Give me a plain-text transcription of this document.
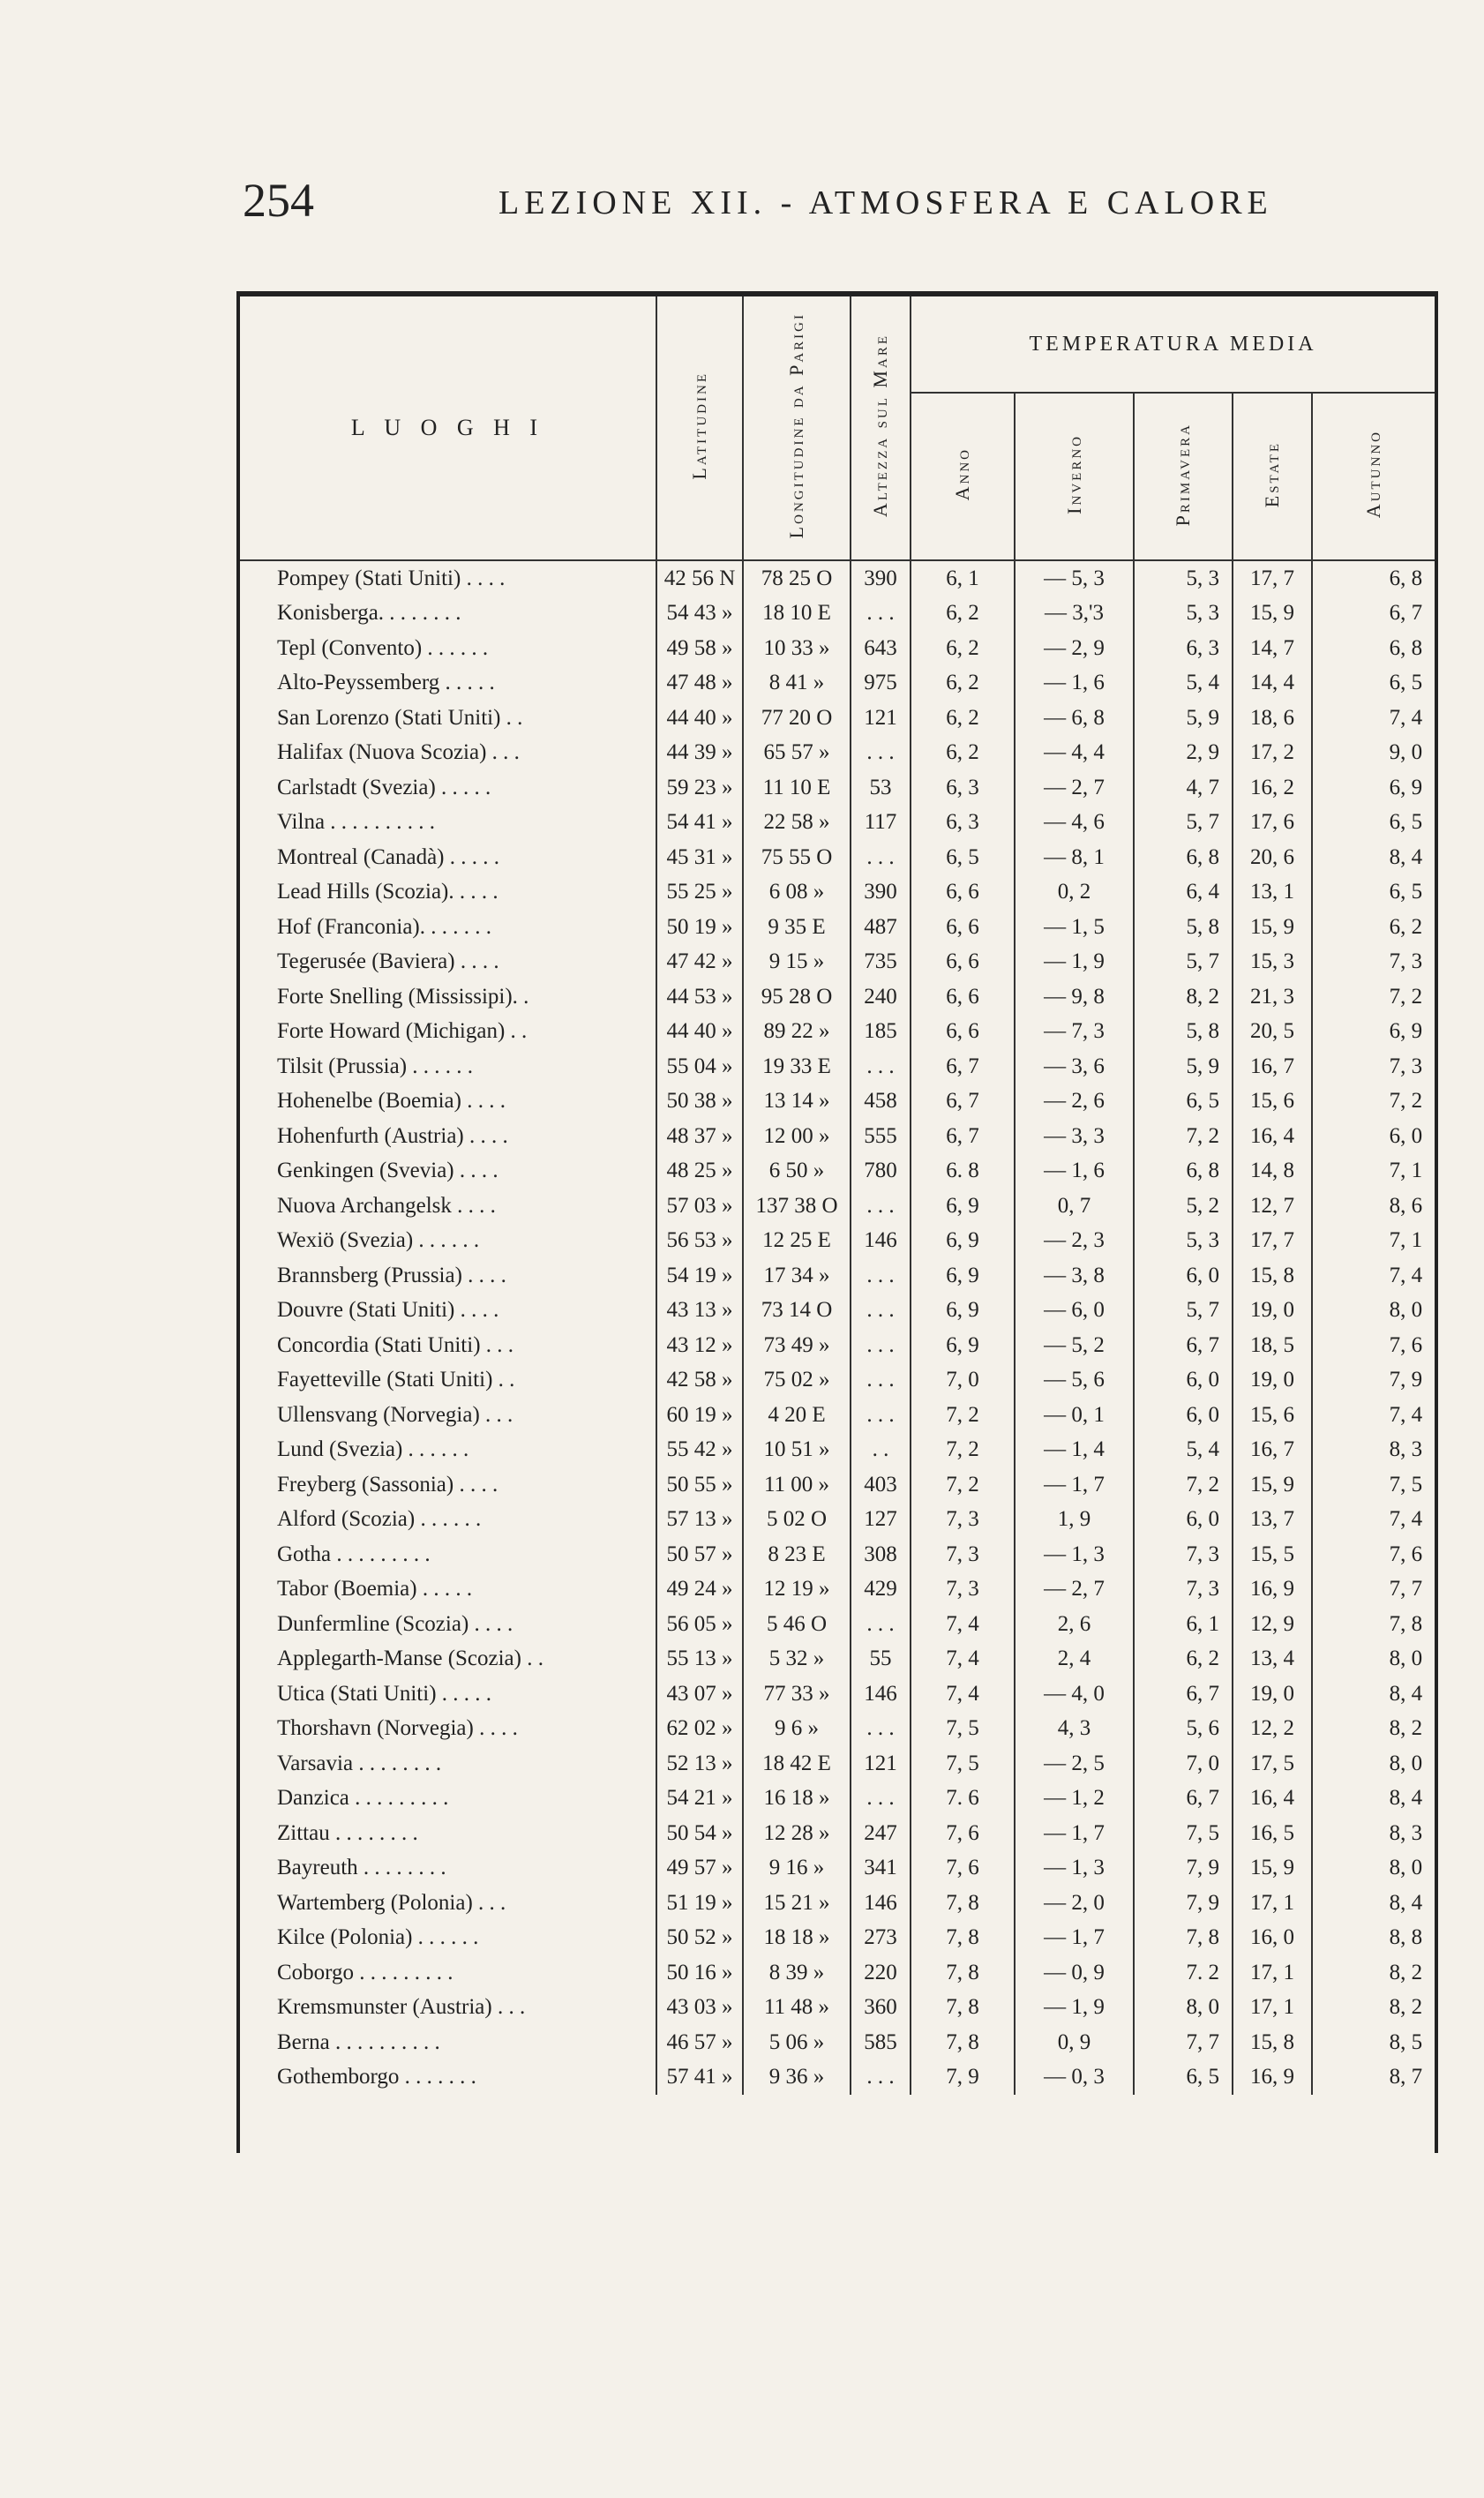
254	LEZIONE XII. - ATMOSFERA E CALORE
L U O G H I	Latitudine	Longitudine da Parigi	Altezza sul Mare	TEMPERATURA MEDIA				
				Anno	Inverno	Primavera	Estate	Autunno
Pompey (Stati Uniti) . . . .	42 56 N	78 25 O	390	6, 1	— 5, 3	5, 3	17, 7	6, 8
Konisberga. . . . . . . .	54 43 »	18 10 E	. . .	6, 2	— 3,'3	5, 3	15, 9	6, 7
Tepl (Convento) . . . . . .	49 58 »	10 33 »	643	6, 2	— 2, 9	6, 3	14, 7	6, 8
Alto-Peyssemberg . . . . .	47 48 »	8 41 »	975	6, 2	— 1, 6	5, 4	14, 4	6, 5
San Lorenzo (Stati Uniti) . .	44 40 »	77 20 O	121	6, 2	— 6, 8	5, 9	18, 6	7, 4
Halifax (Nuova Scozia) . . .	44 39 »	65 57 »	. . .	6, 2	— 4, 4	2, 9	17, 2	9, 0
Carlstadt (Svezia) . . . . .	59 23 »	11 10 E	53	6, 3	— 2, 7	4, 7	16, 2	6, 9
Vilna . . . . . . . . . .	54 41 »	22 58 »	117	6, 3	— 4, 6	5, 7	17, 6	6, 5
Montreal (Canadà) . . . . .	45 31 »	75 55 O	. . .	6, 5	— 8, 1	6, 8	20, 6	8, 4
Lead Hills (Scozia). . . . .	55 25 »	6 08 »	390	6, 6	0, 2	6, 4	13, 1	6, 5
Hof (Franconia). . . . . . .	50 19 »	9 35 E	487	6, 6	— 1, 5	5, 8	15, 9	6, 2
Tegerusée (Baviera) . . . .	47 42 »	9 15 »	735	6, 6	— 1, 9	5, 7	15, 3	7, 3
Forte Snelling (Mississipi). .	44 53 »	95 28 O	240	6, 6	— 9, 8	8, 2	21, 3	7, 2
Forte Howard (Michigan) . .	44 40 »	89 22 »	185	6, 6	— 7, 3	5, 8	20, 5	6, 9
Tilsit (Prussia) . . . . . .	55 04 »	19 33 E	. . .	6, 7	— 3, 6	5, 9	16, 7	7, 3
Hohenelbe (Boemia) . . . .	50 38 »	13 14 »	458	6, 7	— 2, 6	6, 5	15, 6	7, 2
Hohenfurth (Austria) . . . .	48 37 »	12 00 »	555	6, 7	— 3, 3	7, 2	16, 4	6, 0
Genkingen (Svevia) . . . .	48 25 »	6 50 »	780	6. 8	— 1, 6	6, 8	14, 8	7, 1
Nuova Archangelsk . . . .	57 03 »	137 38 O	. . .	6, 9	0, 7	5, 2	12, 7	8, 6
Wexiö (Svezia) . . . . . .	56 53 »	12 25 E	146	6, 9	— 2, 3	5, 3	17, 7	7, 1
Brannsberg (Prussia) . . . .	54 19 »	17 34 »	. . .	6, 9	— 3, 8	6, 0	15, 8	7, 4
Douvre (Stati Uniti) . . . .	43 13 »	73 14 O	. . .	6, 9	— 6, 0	5, 7	19, 0	8, 0
Concordia (Stati Uniti) . . .	43 12 »	73 49 »	. . .	6, 9	— 5, 2	6, 7	18, 5	7, 6
Fayetteville (Stati Uniti) . .	42 58 »	75 02 »	. . .	7, 0	— 5, 6	6, 0	19, 0	7, 9
Ullensvang (Norvegia) . . .	60 19 »	4 20 E	. . .	7, 2	— 0, 1	6, 0	15, 6	7, 4
Lund (Svezia) . . . . . .	55 42 »	10 51 »	. .	7, 2	— 1, 4	5, 4	16, 7	8, 3
Freyberg (Sassonia) . . . .	50 55 »	11 00 »	403	7, 2	— 1, 7	7, 2	15, 9	7, 5
Alford (Scozia) . . . . . .	57 13 »	5 02 O	127	7, 3	1, 9	6, 0	13, 7	7, 4
Gotha . . . . . . . . .	50 57 »	8 23 E	308	7, 3	— 1, 3	7, 3	15, 5	7, 6
Tabor (Boemia) . . . . .	49 24 »	12 19 »	429	7, 3	— 2, 7	7, 3	16, 9	7, 7
Dunfermline (Scozia) . . . .	56 05 »	5 46 O	. . .	7, 4	2, 6	6, 1	12, 9	7, 8
Applegarth-Manse (Scozia) . .	55 13 »	5 32 »	55	7, 4	2, 4	6, 2	13, 4	8, 0
Utica (Stati Uniti) . . . . .	43 07 »	77 33 »	146	7, 4	— 4, 0	6, 7	19, 0	8, 4
Thorshavn (Norvegia) . . . .	62 02 »	9 6 »	. . .	7, 5	4, 3	5, 6	12, 2	8, 2
Varsavia . . . . . . . .	52 13 »	18 42 E	121	7, 5	— 2, 5	7, 0	17, 5	8, 0
Danzica . . . . . . . . .	54 21 »	16 18 »	. . .	7. 6	— 1, 2	6, 7	16, 4	8, 4
Zittau . . . . . . . .	50 54 »	12 28 »	247	7, 6	— 1, 7	7, 5	16, 5	8, 3
Bayreuth . . . . . . . .	49 57 »	9 16 »	341	7, 6	— 1, 3	7, 9	15, 9	8, 0
Wartemberg (Polonia) . . .	51 19 »	15 21 »	146	7, 8	— 2, 0	7, 9	17, 1	8, 4
Kilce (Polonia) . . . . . .	50 52 »	18 18 »	273	7, 8	— 1, 7	7, 8	16, 0	8, 8
Coborgo . . . . . . . . .	50 16 »	8 39 »	220	7, 8	— 0, 9	7. 2	17, 1	8, 2
Kremsmunster (Austria) . . .	43 03 »	11 48 »	360	7, 8	— 1, 9	8, 0	17, 1	8, 2
Berna . . . . . . . . . .	46 57 »	5 06 »	585	7, 8	0, 9	7, 7	15, 8	8, 5
Gothemborgo . . . . . . .	57 41 »	9 36 »	. . .	7, 9	— 0, 3	6, 5	16, 9	8, 7
